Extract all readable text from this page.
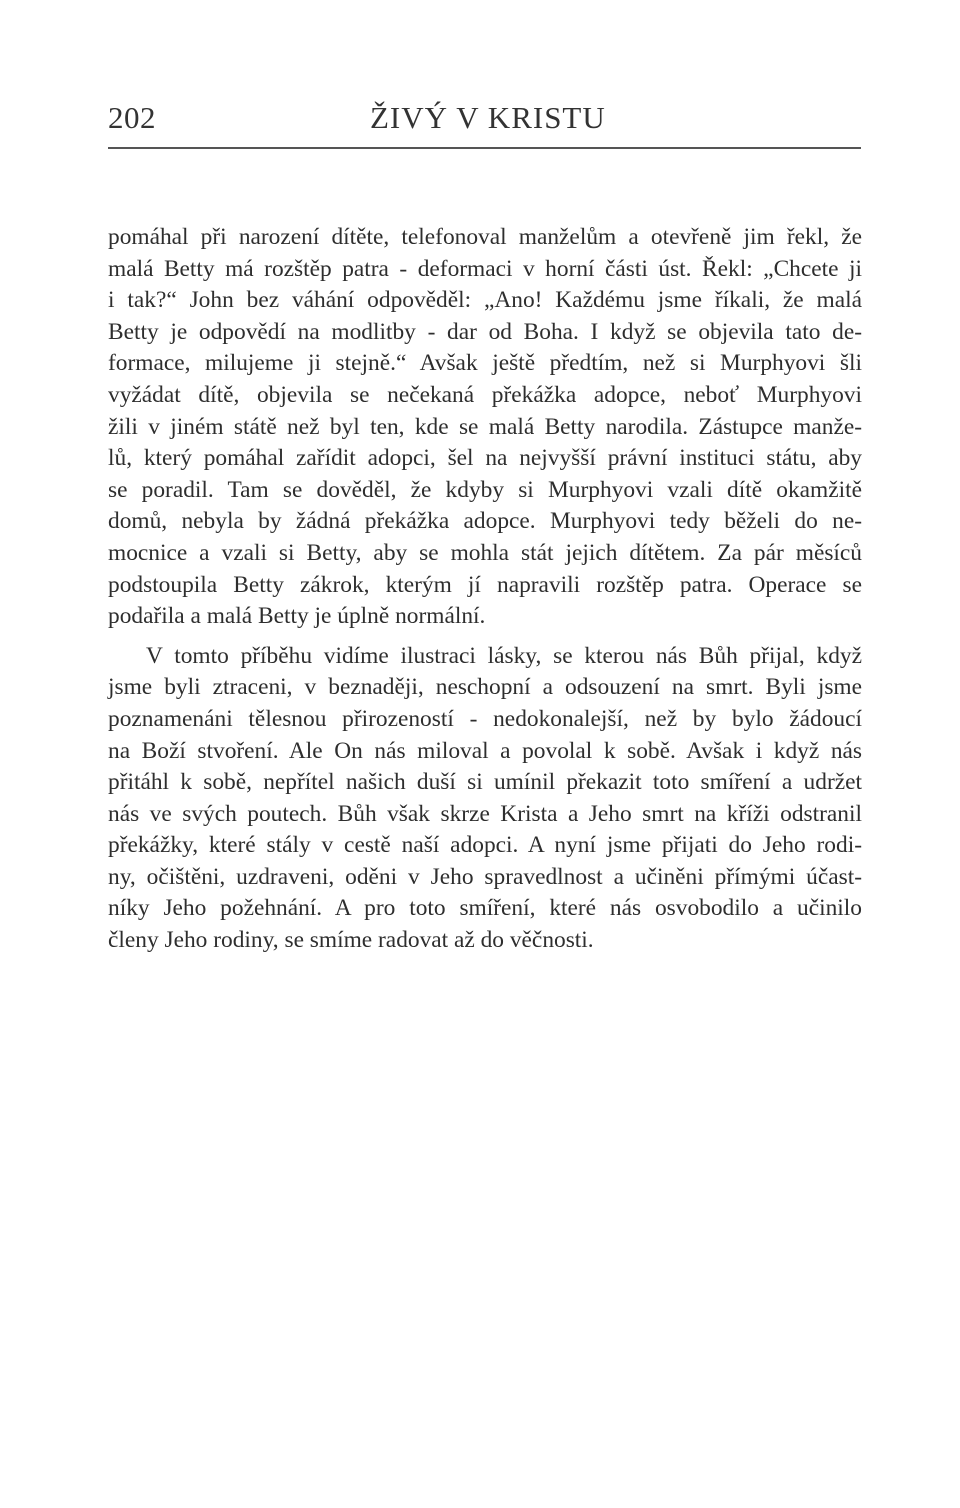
202	ŽIVÝ V KRISTU

pomáhal při narození dítěte, telefonoval manželům a otevřeně jim řekl, že
malá Betty má rozštěp patra - deformaci v horní části úst. Řekl: „Chcete ji
i tak?“ John bez váhání odpověděl: „Ano! Každému jsme říkali, že malá
Betty je odpovědí na modlitby - dar od Boha. I když se objevila tato de-
formace, milujeme ji stejně.“ Avšak ještě předtím, než si Murphyovi šli
vyžádat dítě, objevila se nečekaná překážka adopce, neboť Murphyovi
žili v jiném státě než byl ten, kde se malá Betty narodila. Zástupce manže-
lů, který pomáhal zařídit adopci, šel na nejvyšší právní instituci státu, aby
se poradil. Tam se dověděl, že kdyby si Murphyovi vzali dítě okamžitě
domů, nebyla by žádná překážka adopce. Murphyovi tedy běželi do ne-
mocnice a vzali si Betty, aby se mohla stát jejich dítětem. Za pár měsíců
podstoupila Betty zákrok, kterým jí napravili rozštěp patra. Operace se
podařila a malá Betty je úplně normální.

V tomto příběhu vidíme ilustraci lásky, se kterou nás Bůh přijal, když
jsme byli ztraceni, v beznaději, neschopní a odsouzení na smrt. Byli jsme
poznamenáni tělesnou přirozeností - nedokonalejší, než by bylo žádoucí
na Boží stvoření. Ale On nás miloval a povolal k sobě. Avšak i když nás
přitáhl k sobě, nepřítel našich duší si umínil překazit toto smíření a udržet
nás ve svých poutech. Bůh však skrze Krista a Jeho smrt na kříži odstranil
překážky, které stály v cestě naší adopci. A nyní jsme přijati do Jeho rodi-
ny, očištěni, uzdraveni, oděni v Jeho spravedlnost a učiněni přímými účast-
níky Jeho požehnání. A pro toto smíření, které nás osvobodilo a učinilo
členy Jeho rodiny, se smíme radovat až do věčnosti.
